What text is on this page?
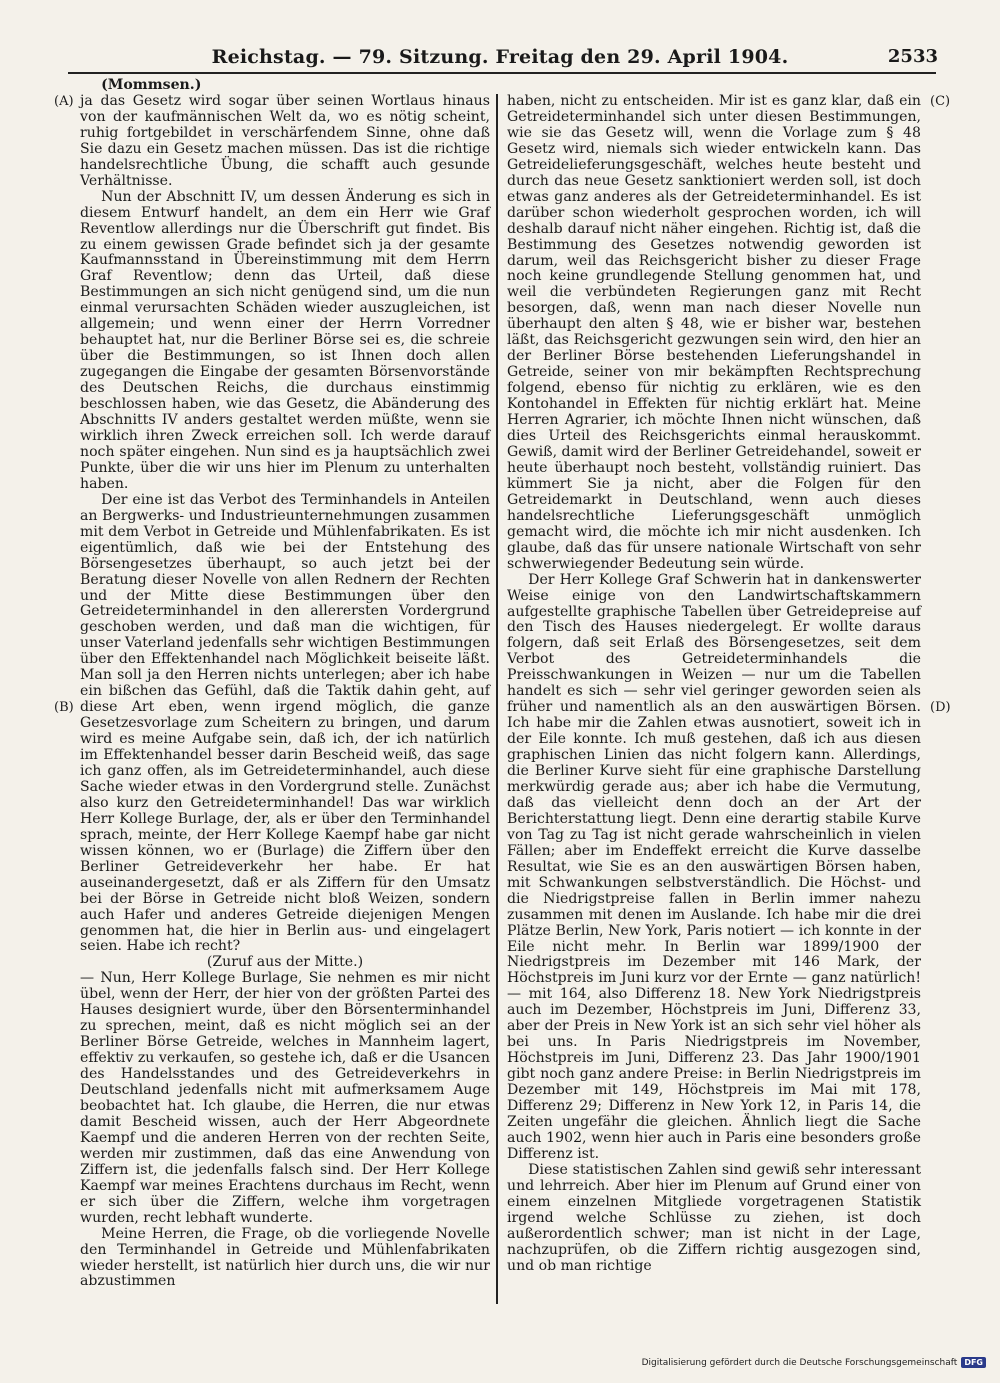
Reichstag. — 79. Sitzung. Freitag den 29. April 1904.	2533
(A)
(B)
(C)
(D)

(Mommsen.)

ja das Gesetz wird sogar über seinen Wortlaus hinaus von der kaufmännischen Welt da, wo es nötig scheint, ruhig fortgebildet in verschärfendem Sinne, ohne daß Sie dazu ein Gesetz machen müssen. Das ist die richtige handelsrechtliche Übung, die schafft auch gesunde Verhältnisse.

Nun der Abschnitt IV, um dessen Änderung es sich in diesem Entwurf handelt, an dem ein Herr wie Graf Reventlow allerdings nur die Überschrift gut findet. Bis zu einem gewissen Grade befindet sich ja der gesamte Kaufmannsstand in Übereinstimmung mit dem Herrn Graf Reventlow; denn das Urteil, daß diese Bestimmungen an sich nicht genügend sind, um die nun einmal verursachten Schäden wieder auszugleichen, ist allgemein; und wenn einer der Herrn Vorredner behauptet hat, nur die Berliner Börse sei es, die schreie über die Bestimmungen, so ist Ihnen doch allen zugegangen die Eingabe der gesamten Börsenvorstände des Deutschen Reichs, die durchaus einstimmig beschlossen haben, wie das Gesetz, die Abänderung des Abschnitts IV anders gestaltet werden müßte, wenn sie wirklich ihren Zweck erreichen soll. Ich werde darauf noch später eingehen. Nun sind es ja hauptsächlich zwei Punkte, über die wir uns hier im Plenum zu unterhalten haben.

Der eine ist das Verbot des Terminhandels in Anteilen an Bergwerks- und Industrieunternehmungen zusammen mit dem Verbot in Getreide und Mühlenfabrikaten. Es ist eigentümlich, daß wie bei der Entstehung des Börsengesetzes überhaupt, so auch jetzt bei der Beratung dieser Novelle von allen Rednern der Rechten und der Mitte diese Bestimmungen über den Getreideterminhandel in den allerersten Vordergrund geschoben werden, und daß man die wichtigen, für unser Vaterland jedenfalls sehr wichtigen Bestimmungen über den Effektenhandel nach Möglichkeit beiseite läßt. Man soll ja den Herren nichts unterlegen; aber ich habe ein bißchen das Gefühl, daß die Taktik dahin geht, auf diese Art eben, wenn irgend möglich, die ganze Gesetzesvorlage zum Scheitern zu bringen, und darum wird es meine Aufgabe sein, daß ich, der ich natürlich im Effektenhandel besser darin Bescheid weiß, das sage ich ganz offen, als im Getreideterminhandel, auch diese Sache wieder etwas in den Vordergrund stelle. Zunächst also kurz den Getreideterminhandel! Das war wirklich Herr Kollege Burlage, der, als er über den Terminhandel sprach, meinte, der Herr Kollege Kaempf habe gar nicht wissen können, wo er (Burlage) die Ziffern über den Berliner Getreideverkehr her habe. Er hat auseinandergesetzt, daß er als Ziffern für den Umsatz bei der Börse in Getreide nicht bloß Weizen, sondern auch Hafer und anderes Getreide diejenigen Mengen genommen hat, die hier in Berlin aus- und eingelagert seien. Habe ich recht?

(Zuruf aus der Mitte.)

— Nun, Herr Kollege Burlage, Sie nehmen es mir nicht übel, wenn der Herr, der hier von der größten Partei des Hauses designiert wurde, über den Börsenterminhandel zu sprechen, meint, daß es nicht möglich sei an der Berliner Börse Getreide, welches in Mannheim lagert, effektiv zu verkaufen, so gestehe ich, daß er die Usancen des Handelsstandes und des Getreideverkehrs in Deutschland jedenfalls nicht mit aufmerksamem Auge beobachtet hat. Ich glaube, die Herren, die nur etwas damit Bescheid wissen, auch der Herr Abgeordnete Kaempf und die anderen Herren von der rechten Seite, werden mir zustimmen, daß das eine Anwendung von Ziffern ist, die jedenfalls falsch sind. Der Herr Kollege Kaempf war meines Erachtens durchaus im Recht, wenn er sich über die Ziffern, welche ihm vorgetragen wurden, recht lebhaft wunderte.

Meine Herren, die Frage, ob die vorliegende Novelle den Terminhandel in Getreide und Mühlenfabrikaten wieder herstellt, ist natürlich hier durch uns, die wir nur abzustimmen

haben, nicht zu entscheiden. Mir ist es ganz klar, daß ein Getreideterminhandel sich unter diesen Bestimmungen, wie sie das Gesetz will, wenn die Vorlage zum § 48 Gesetz wird, niemals sich wieder entwickeln kann. Das Getreidelieferungsgeschäft, welches heute besteht und durch das neue Gesetz sanktioniert werden soll, ist doch etwas ganz anderes als der Getreideterminhandel. Es ist darüber schon wiederholt gesprochen worden, ich will deshalb darauf nicht näher eingehen. Richtig ist, daß die Bestimmung des Gesetzes notwendig geworden ist darum, weil das Reichsgericht bisher zu dieser Frage noch keine grundlegende Stellung genommen hat, und weil die verbündeten Regierungen ganz mit Recht besorgen, daß, wenn man nach dieser Novelle nun überhaupt den alten § 48, wie er bisher war, bestehen läßt, das Reichsgericht gezwungen sein wird, den hier an der Berliner Börse bestehenden Lieferungshandel in Getreide, seiner von mir bekämpften Rechtsprechung folgend, ebenso für nichtig zu erklären, wie es den Kontohandel in Effekten für nichtig erklärt hat. Meine Herren Agrarier, ich möchte Ihnen nicht wünschen, daß dies Urteil des Reichsgerichts einmal herauskommt. Gewiß, damit wird der Berliner Getreidehandel, soweit er heute überhaupt noch besteht, vollständig ruiniert. Das kümmert Sie ja nicht, aber die Folgen für den Getreidemarkt in Deutschland, wenn auch dieses handelsrechtliche Lieferungsgeschäft unmöglich gemacht wird, die möchte ich mir nicht ausdenken. Ich glaube, daß das für unsere nationale Wirtschaft von sehr schwerwiegender Bedeutung sein würde.

Der Herr Kollege Graf Schwerin hat in dankenswerter Weise einige von den Landwirtschaftskammern aufgestellte graphische Tabellen über Getreidepreise auf den Tisch des Hauses niedergelegt. Er wollte daraus folgern, daß seit Erlaß des Börsengesetzes, seit dem Verbot des Getreideterminhandels die Preisschwankungen in Weizen — nur um die Tabellen handelt es sich — sehr viel geringer geworden seien als früher und namentlich als an den auswärtigen Börsen. Ich habe mir die Zahlen etwas ausnotiert, soweit ich in der Eile konnte. Ich muß gestehen, daß ich aus diesen graphischen Linien das nicht folgern kann. Allerdings, die Berliner Kurve sieht für eine graphische Darstellung merkwürdig gerade aus; aber ich habe die Vermutung, daß das vielleicht denn doch an der Art der Berichterstattung liegt. Denn eine derartig stabile Kurve von Tag zu Tag ist nicht gerade wahrscheinlich in vielen Fällen; aber im Endeffekt erreicht die Kurve dasselbe Resultat, wie Sie es an den auswärtigen Börsen haben, mit Schwankungen selbstverständlich. Die Höchst- und die Niedrigstpreise fallen in Berlin immer nahezu zusammen mit denen im Auslande. Ich habe mir die drei Plätze Berlin, New York, Paris notiert — ich konnte in der Eile nicht mehr. In Berlin war 1899/1900 der Niedrigstpreis im Dezember mit 146 Mark, der Höchstpreis im Juni kurz vor der Ernte — ganz natürlich! — mit 164, also Differenz 18. New York Niedrigstpreis auch im Dezember, Höchstpreis im Juni, Differenz 33, aber der Preis in New York ist an sich sehr viel höher als bei uns. In Paris Niedrigstpreis im November, Höchstpreis im Juni, Differenz 23. Das Jahr 1900/1901 gibt noch ganz andere Preise: in Berlin Niedrigstpreis im Dezember mit 149, Höchstpreis im Mai mit 178, Differenz 29; Differenz in New York 12, in Paris 14, die Zeiten ungefähr die gleichen. Ähnlich liegt die Sache auch 1902, wenn hier auch in Paris eine besonders große Differenz ist.

Diese statistischen Zahlen sind gewiß sehr interessant und lehrreich. Aber hier im Plenum auf Grund einer von einem einzelnen Mitgliede vorgetragenen Statistik irgend welche Schlüsse zu ziehen, ist doch außerordentlich schwer; man ist nicht in der Lage, nachzuprüfen, ob die Ziffern richtig ausgezogen sind, und ob man richtige

Digitalisierung gefördert durch die Deutsche Forschungsgemeinschaft DFG
